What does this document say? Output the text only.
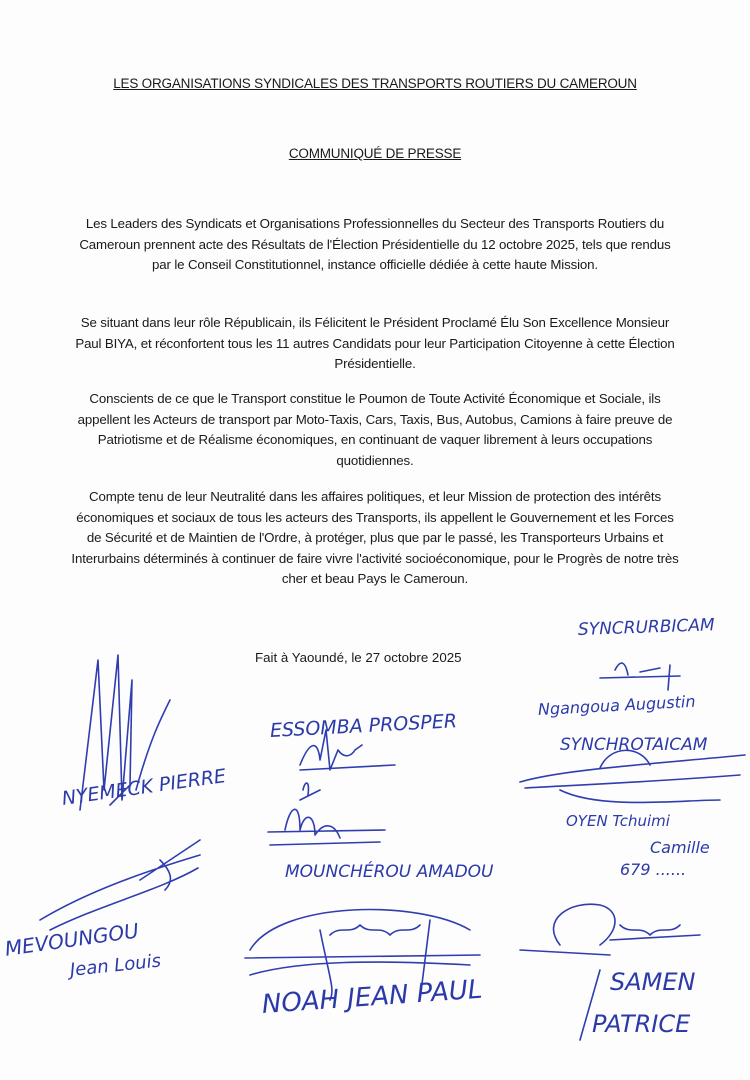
LES ORGANISATIONS SYNDICALES DES TRANSPORTS ROUTIERS DU CAMEROUN
COMMUNIQUÉ DE PRESSE
Les Leaders des Syndicats et Organisations Professionnelles du Secteur des Transports Routiers du Cameroun prennent acte des Résultats de l'Élection Présidentielle du 12 octobre 2025, tels que rendus par le Conseil Constitutionnel, instance officielle dédiée à cette haute Mission.
Se situant dans leur rôle Républicain, ils Félicitent le Président Proclamé Élu Son Excellence Monsieur Paul BIYA, et réconfortent tous les 11 autres Candidats pour leur Participation Citoyenne à cette Élection Présidentielle.
Conscients de ce que le Transport constitue le Poumon de Toute Activité Économique et Sociale, ils appellent les Acteurs de transport par Moto-Taxis, Cars, Taxis, Bus, Autobus, Camions à faire preuve de Patriotisme et de Réalisme économiques, en continuant de vaquer librement à leurs occupations quotidiennes.
Compte tenu de leur Neutralité dans les affaires politiques, et leur Mission de protection des intérêts économiques et sociaux de tous les acteurs des Transports, ils appellent le Gouvernement et les Forces de Sécurité et de Maintien de l'Ordre, à protéger, plus que par le passé, les Transporteurs Urbains et Interurbains déterminés à continuer de faire vivre l'activité socioéconomique, pour le Progrès de notre très cher et beau Pays le Cameroun.
Fait à Yaoundé, le 27 octobre 2025
NYEMECK PIERRE
ESSOMBA PROSPER
MOUNCHÉROU AMADOU
MEVOUNGOU
Jean Louis
NOAH JEAN PAUL	SAMEN
PATRICE
SYNCRURBICAM
Ngangoua Augustin
SYNCHROTAICAM
OYEN Tchuimi
Camille
679 ......
